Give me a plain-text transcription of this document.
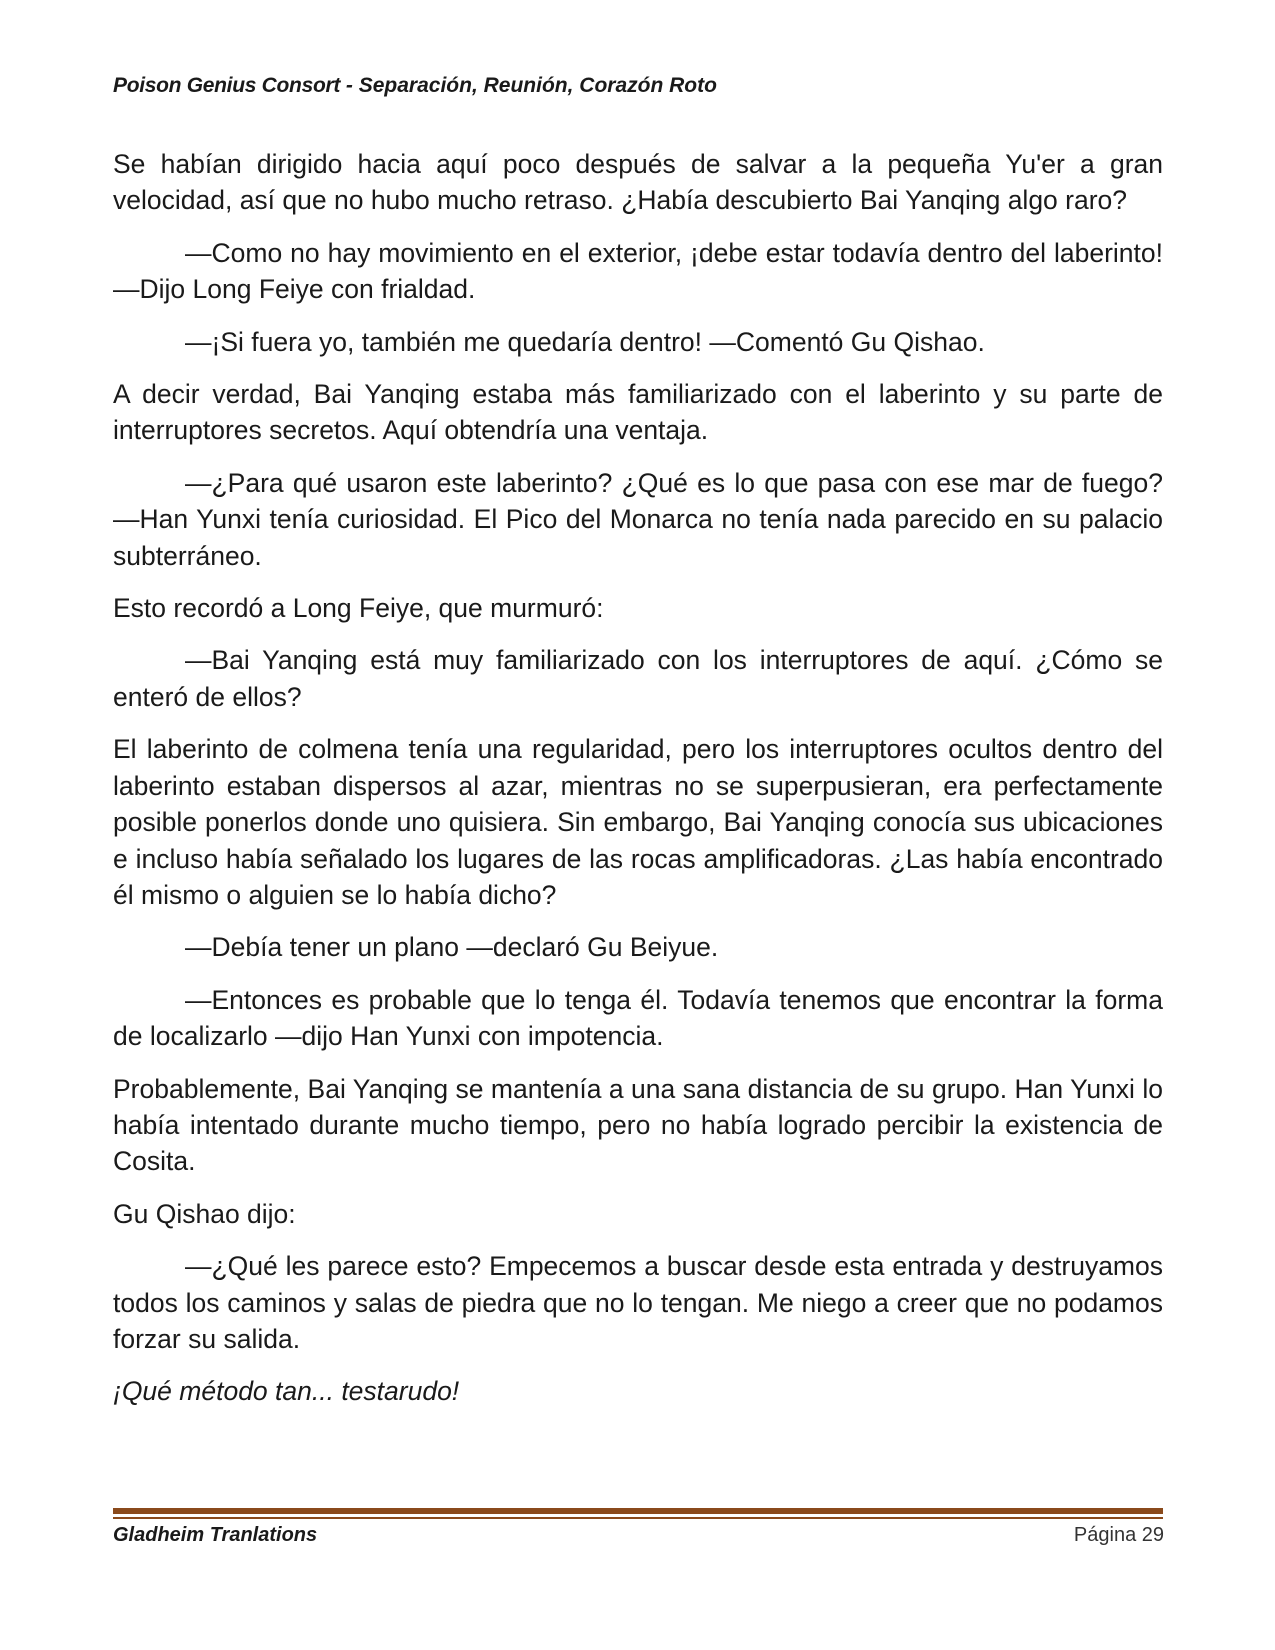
Poison Genius Consort - Separación, Reunión, Corazón Roto

Se habían dirigido hacia aquí poco después de salvar a la pequeña Yu'er a gran velocidad, así que no hubo mucho retraso. ¿Había descubierto Bai Yanqing algo raro?

—Como no hay movimiento en el exterior, ¡debe estar todavía dentro del laberinto! —Dijo Long Feiye con frialdad.

—¡Si fuera yo, también me quedaría dentro! —Comentó Gu Qishao.

A decir verdad, Bai Yanqing estaba más familiarizado con el laberinto y su parte de interruptores secretos. Aquí obtendría una ventaja.

—¿Para qué usaron este laberinto? ¿Qué es lo que pasa con ese mar de fuego? —Han Yunxi tenía curiosidad. El Pico del Monarca no tenía nada parecido en su palacio subterráneo.

Esto recordó a Long Feiye, que murmuró:

—Bai Yanqing está muy familiarizado con los interruptores de aquí. ¿Cómo se enteró de ellos?

El laberinto de colmena tenía una regularidad, pero los interruptores ocultos dentro del laberinto estaban dispersos al azar, mientras no se superpusieran, era perfectamente posible ponerlos donde uno quisiera. Sin embargo, Bai Yanqing conocía sus ubicaciones e incluso había señalado los lugares de las rocas amplificadoras. ¿Las había encontrado él mismo o alguien se lo había dicho?

—Debía tener un plano —declaró Gu Beiyue.

—Entonces es probable que lo tenga él. Todavía tenemos que encontrar la forma de localizarlo —dijo Han Yunxi con impotencia.

Probablemente, Bai Yanqing se mantenía a una sana distancia de su grupo. Han Yunxi lo había intentado durante mucho tiempo, pero no había logrado percibir la existencia de Cosita.

Gu Qishao dijo:

—¿Qué les parece esto? Empecemos a buscar desde esta entrada y destruyamos todos los caminos y salas de piedra que no lo tengan. Me niego a creer que no podamos forzar su salida.

¡Qué método tan... testarudo!

Gladheim Tranlations	Página 29
